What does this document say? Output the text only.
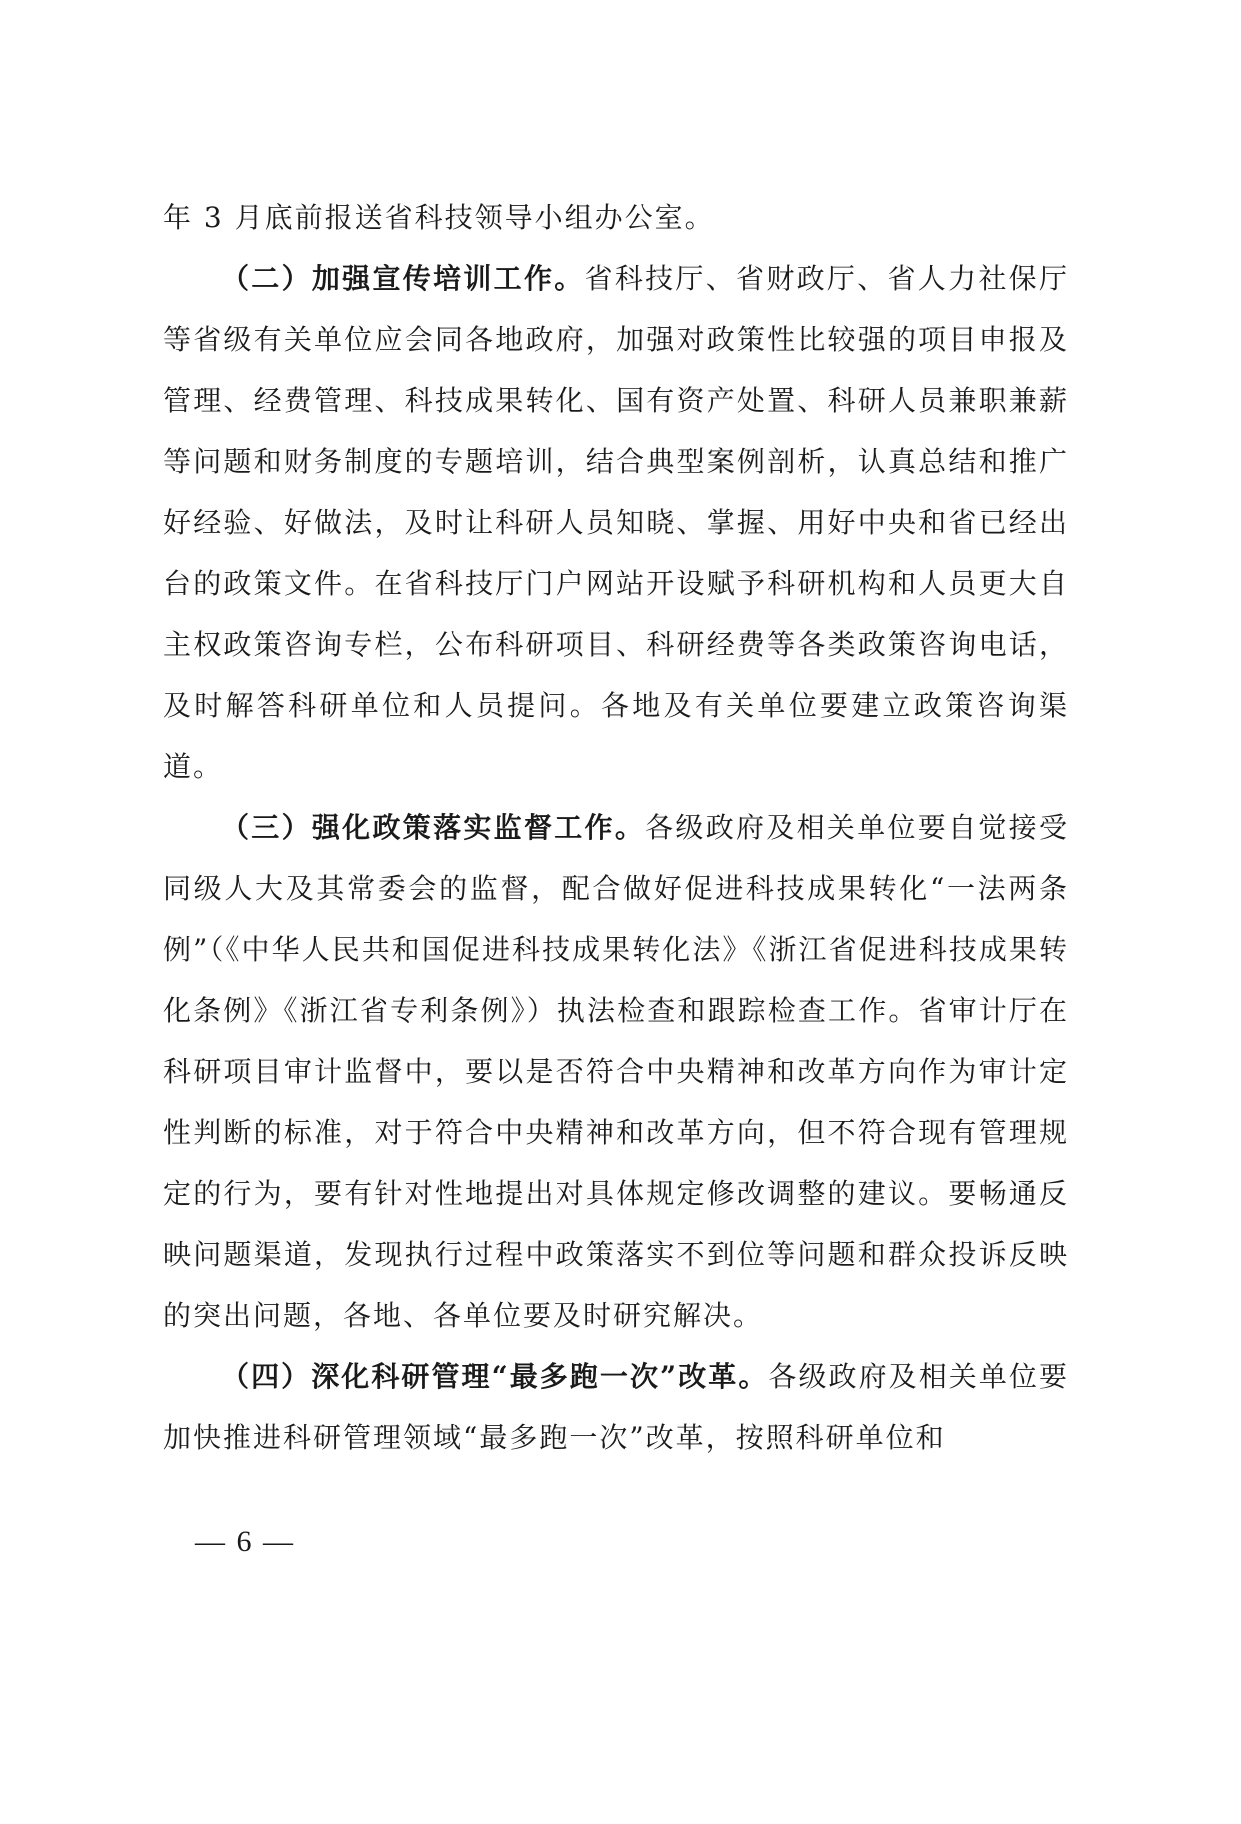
年 3 月底前报送省科技领导小组办公室。

（二）加强宣传培训工作。省科技厅、省财政厅、省人力社保厅等省级有关单位应会同各地政府，加强对政策性比较强的项目申报及管理、经费管理、科技成果转化、国有资产处置、科研人员兼职兼薪等问题和财务制度的专题培训，结合典型案例剖析，认真总结和推广好经验、好做法，及时让科研人员知晓、掌握、用好中央和省已经出台的政策文件。在省科技厅门户网站开设赋予科研机构和人员更大自主权政策咨询专栏，公布科研项目、科研经费等各类政策咨询电话，及时解答科研单位和人员提问。各地及有关单位要建立政策咨询渠道。

（三）强化政策落实监督工作。各级政府及相关单位要自觉接受同级人大及其常委会的监督，配合做好促进科技成果转化“一法两条例”（《中华人民共和国促进科技成果转化法》《浙江省促进科技成果转化条例》《浙江省专利条例》）执法检查和跟踪检查工作。省审计厅在科研项目审计监督中，要以是否符合中央精神和改革方向作为审计定性判断的标准，对于符合中央精神和改革方向，但不符合现有管理规定的行为，要有针对性地提出对具体规定修改调整的建议。要畅通反映问题渠道，发现执行过程中政策落实不到位等问题和群众投诉反映的突出问题，各地、各单位要及时研究解决。

（四）深化科研管理“最多跑一次”改革。各级政府及相关单位要加快推进科研管理领域“最多跑一次”改革，按照科研单位和

— 6 —
